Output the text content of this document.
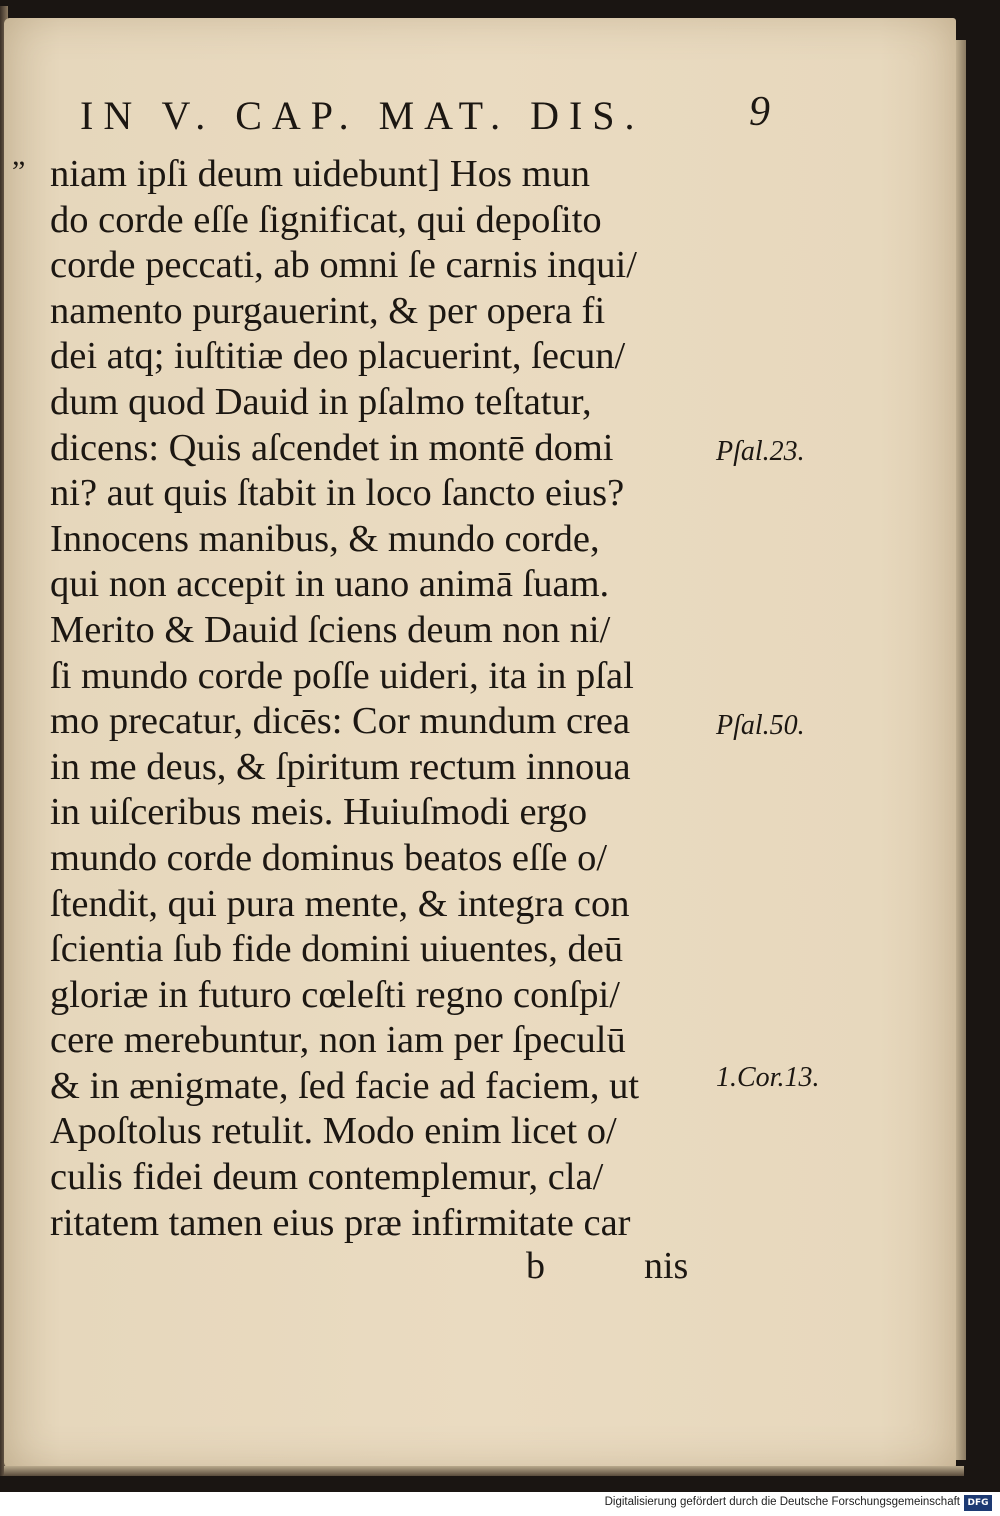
IN V. CAP. MAT. DIS. 9
” niam ipſi deum uidebunt] Hos mun
do corde eſſe ſignificat, qui depoſito
corde peccati, ab omni ſe carnis inqui/
namento purgauerint, & per opera fi
dei atq; iuſtitiæ deo placuerint, ſecun/
dum quod Dauid in pſalmo teſtatur,
dicens: Quis aſcendet in montē domi
ni? aut quis ſtabit in loco ſancto eius?
Innocens manibus, & mundo corde,
qui non accepit in uano animā ſuam.
Merito & Dauid ſciens deum non ni/
ſi mundo corde poſſe uideri, ita in pſal
mo precatur, dicēs: Cor mundum crea
in me deus, & ſpiritum rectum innoua
in uiſceribus meis. Huiuſmodi ergo
mundo corde dominus beatos eſſe o/
ſtendit, qui pura mente, & integra con
ſcientia ſub fide domini uiuentes, deū
gloriæ in futuro cœleſti regno conſpi/
cere merebuntur, non iam per ſpeculū
& in ænigmate, ſed facie ad faciem, ut
Apoſtolus retulit. Modo enim licet o/
culis fidei deum contemplemur, cla/
ritatem tamen eius præ infirmitate car
Pſal.23.
Pſal.50.
1.Cor.13.
b	nis
Digitalisierung gefördert durch die Deutsche Forschungsgemeinschaft DFG
